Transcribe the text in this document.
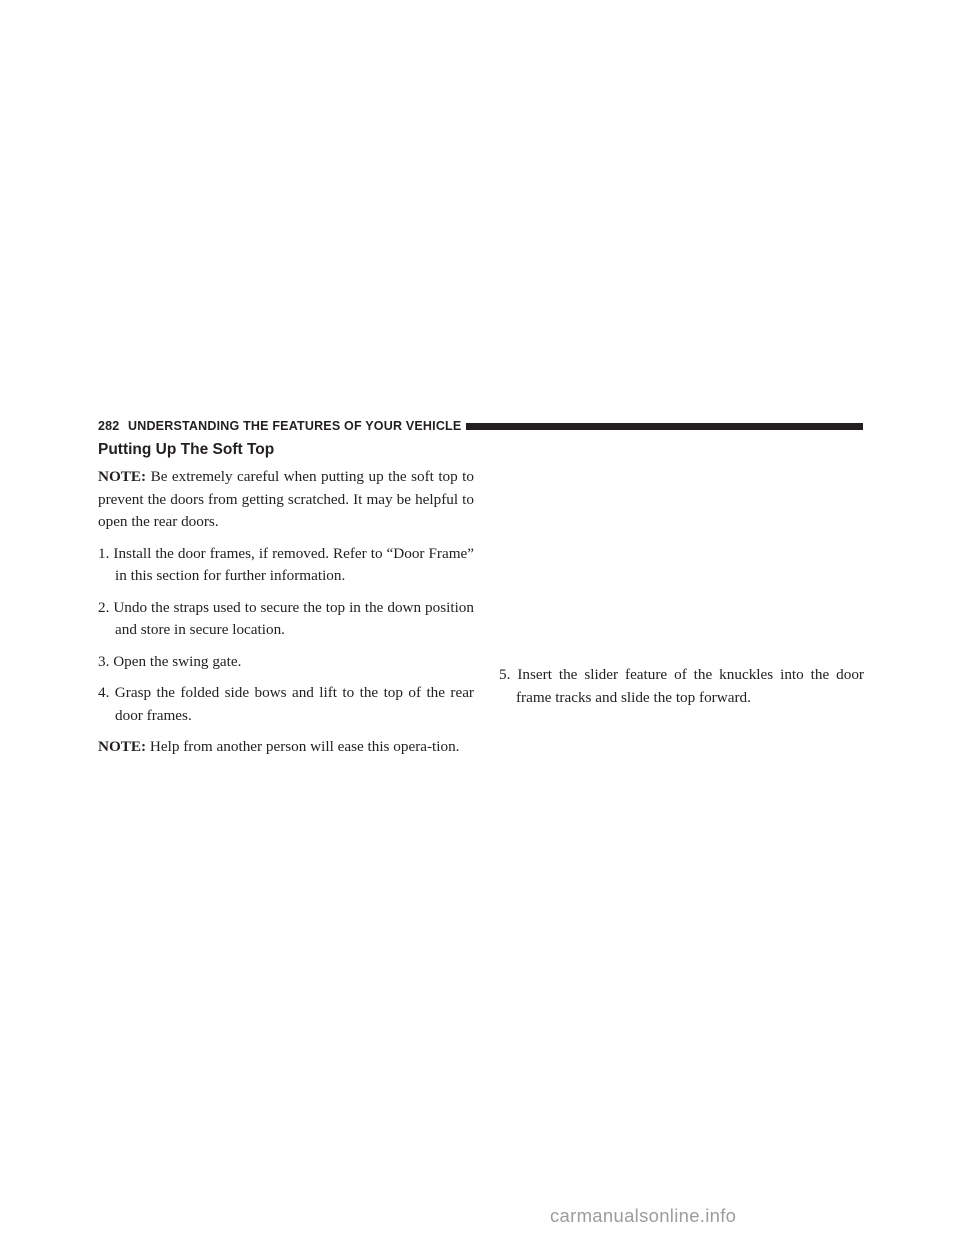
282 UNDERSTANDING THE FEATURES OF YOUR VEHICLE
Putting Up The Soft Top

NOTE: Be extremely careful when putting up the soft top to prevent the doors from getting scratched. It may be helpful to open the rear doors.

1. Install the door frames, if removed. Refer to “Door Frame” in this section for further information.

2. Undo the straps used to secure the top in the down position and store in secure location.

3. Open the swing gate.

4. Grasp the folded side bows and lift to the top of the rear door frames.

NOTE: Help from another person will ease this opera-tion.

5. Insert the slider feature of the knuckles into the door frame tracks and slide the top forward.

carmanualsonline.info
